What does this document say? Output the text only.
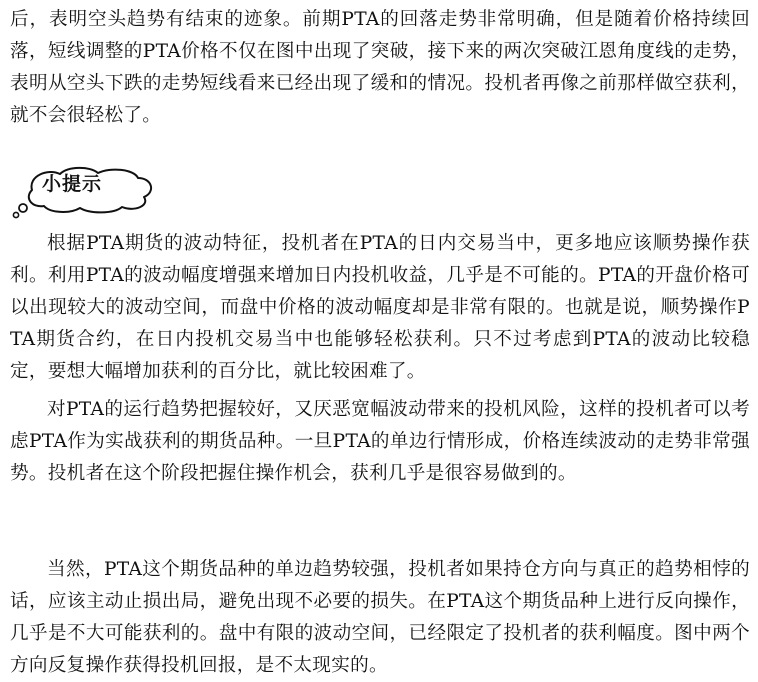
后，表明空头趋势有结束的迹象。前期PTA的回落走势非常明确，但是随着价格持续回落，短线调整的PTA价格不仅在图中出现了突破，接下来的两次突破江恩角度线的走势，表明从空头下跌的走势短线看来已经出现了缓和的情况。投机者再像之前那样做空获利，就不会很轻松了。

小提示

根据PTA期货的波动特征，投机者在PTA的日内交易当中，更多地应该顺势操作获利。利用PTA的波动幅度增强来增加日内投机收益，几乎是不可能的。PTA的开盘价格可以出现较大的波动空间，而盘中价格的波动幅度却是非常有限的。也就是说，顺势操作PTA期货合约，在日内投机交易当中也能够轻松获利。只不过考虑到PTA的波动比较稳定，要想大幅增加获利的百分比，就比较困难了。

对PTA的运行趋势把握较好，又厌恶宽幅波动带来的投机风险，这样的投机者可以考虑PTA作为实战获利的期货品种。一旦PTA的单边行情形成，价格连续波动的走势非常强势。投机者在这个阶段把握住操作机会，获利几乎是很容易做到的。

当然，PTA这个期货品种的单边趋势较强，投机者如果持仓方向与真正的趋势相悖的话，应该主动止损出局，避免出现不必要的损失。在PTA这个期货品种上进行反向操作，几乎是不大可能获利的。盘中有限的波动空间，已经限定了投机者的获利幅度。图中两个方向反复操作获得投机回报，是不太现实的。
